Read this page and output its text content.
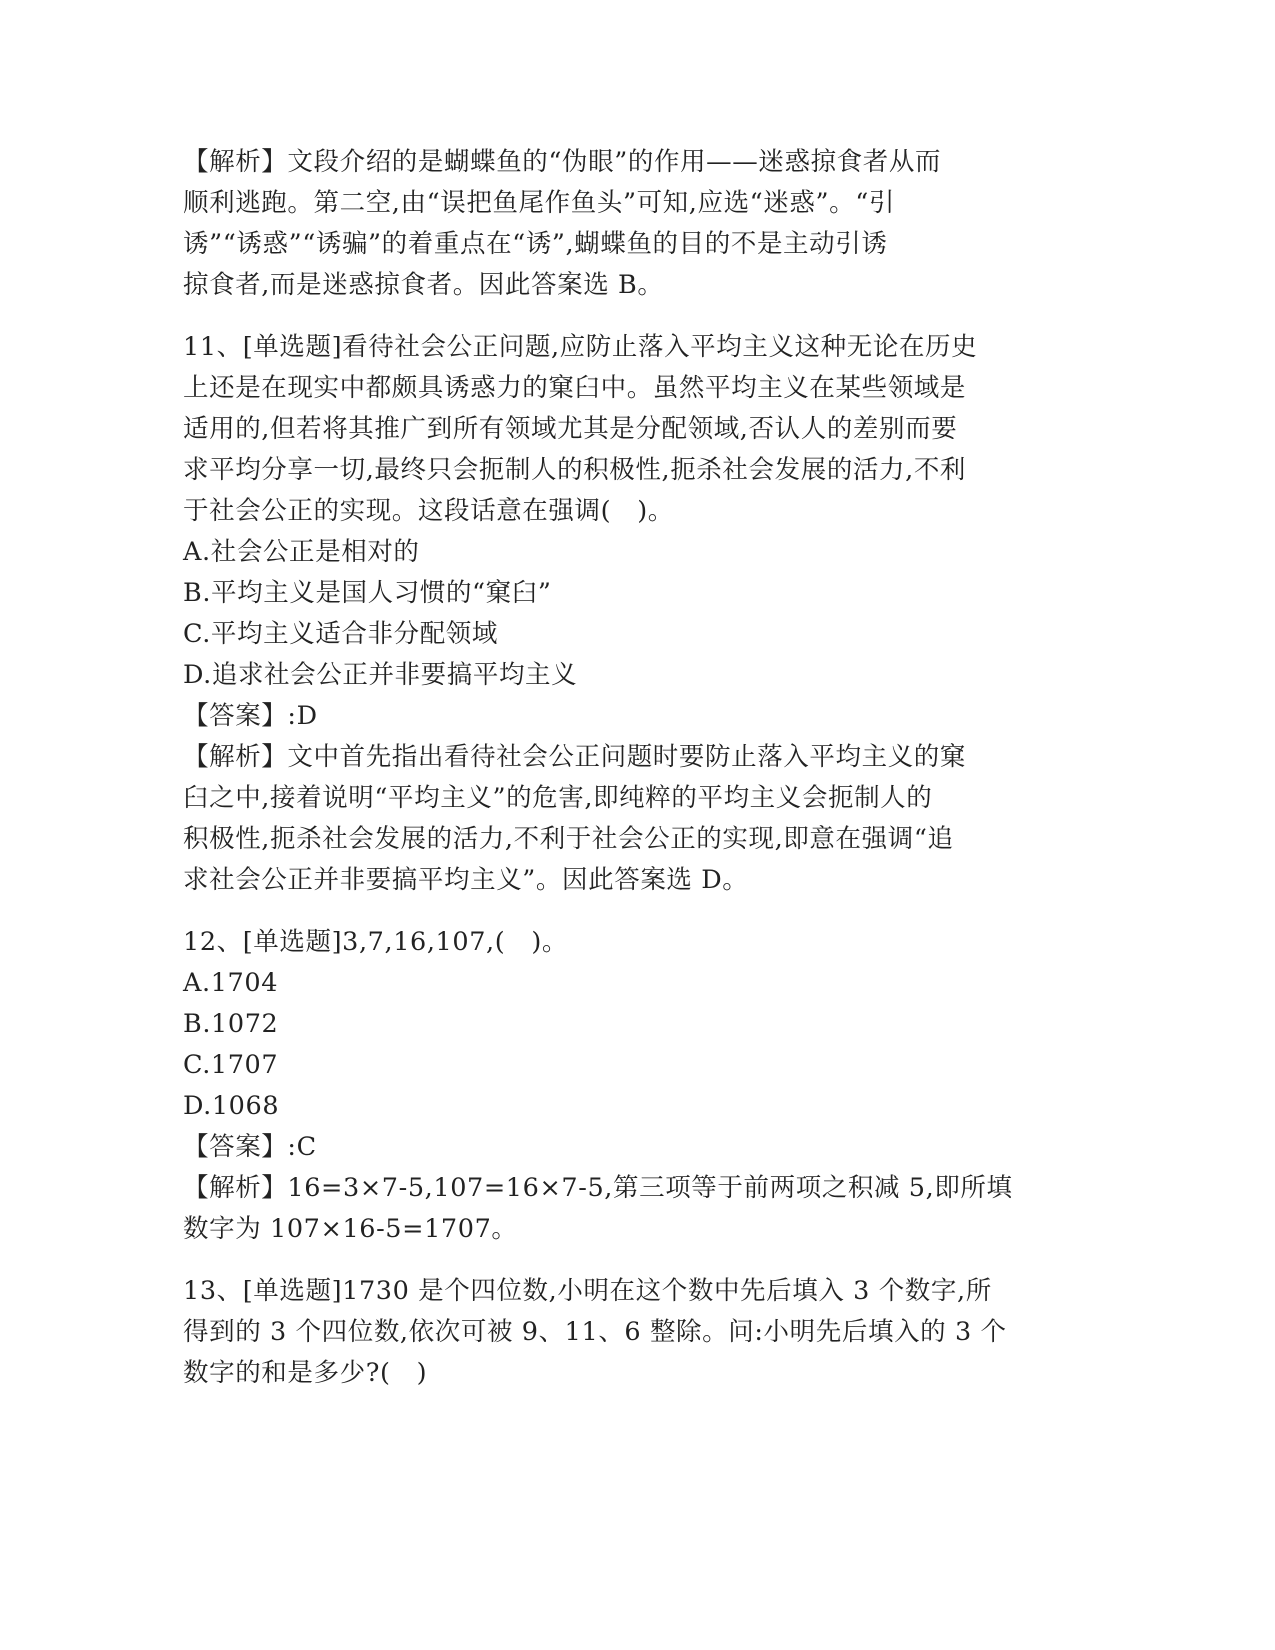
【解析】文段介绍的是蝴蝶鱼的“伪眼”的作用——迷惑掠食者从而
顺利逃跑。第二空,由“误把鱼尾作鱼头”可知,应选“迷惑”。“引
诱”“诱惑”“诱骗”的着重点在“诱”,蝴蝶鱼的目的不是主动引诱
掠食者,而是迷惑掠食者。因此答案选 B。
11、[单选题]看待社会公正问题,应防止落入平均主义这种无论在历史
上还是在现实中都颇具诱惑力的窠臼中。虽然平均主义在某些领域是
适用的,但若将其推广到所有领域尤其是分配领域,否认人的差别而要
求平均分享一切,最终只会扼制人的积极性,扼杀社会发展的活力,不利
于社会公正的实现。这段话意在强调(　)。
A.社会公正是相对的
B.平均主义是国人习惯的“窠臼”
C.平均主义适合非分配领域
D.追求社会公正并非要搞平均主义
【答案】:D
【解析】文中首先指出看待社会公正问题时要防止落入平均主义的窠
臼之中,接着说明“平均主义”的危害,即纯粹的平均主义会扼制人的
积极性,扼杀社会发展的活力,不利于社会公正的实现,即意在强调“追
求社会公正并非要搞平均主义”。因此答案选 D。
12、[单选题]3,7,16,107,(　)。
A.1704
B.1072
C.1707
D.1068
【答案】:C
【解析】16=3×7-5,107=16×7-5,第三项等于前两项之积减 5,即所填
数字为 107×16-5=1707。
13、[单选题]1730 是个四位数,小明在这个数中先后填入 3 个数字,所
得到的 3 个四位数,依次可被 9、11、6 整除。问:小明先后填入的 3 个
数字的和是多少?(　)
